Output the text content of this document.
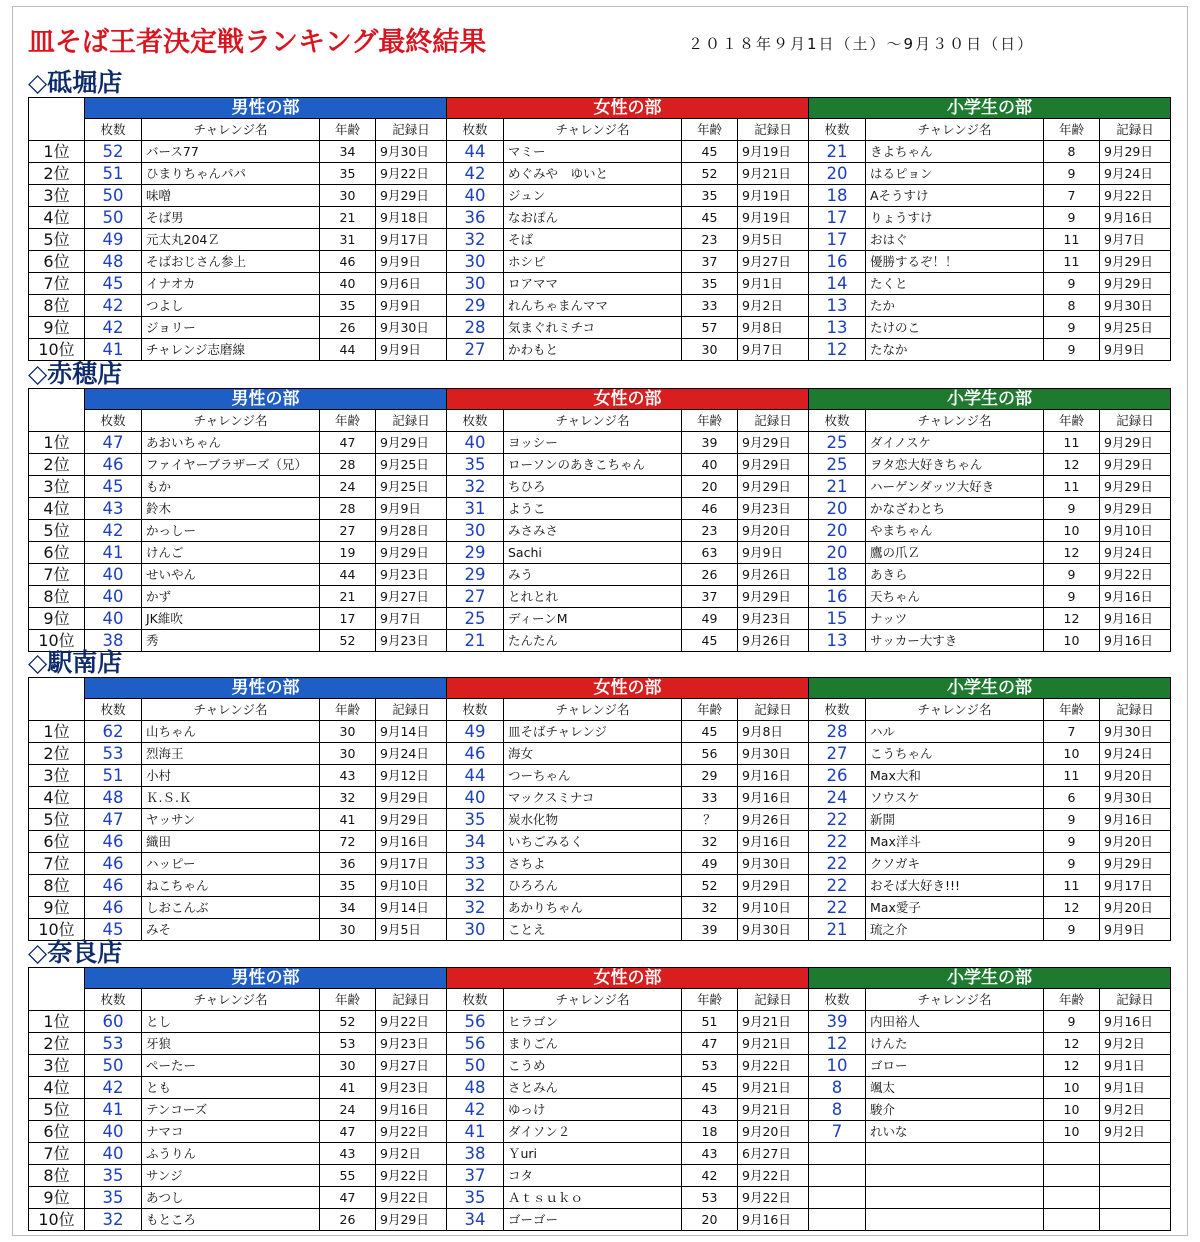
皿そば王者決定戦ランキング最終結果	２０１８年９月1日（土）～9月３０日（日）
◇砥堀店
	男性の部				女性の部				小学生の部			
	枚数	チャレンジ名	年齢	記録日	枚数	チャレンジ名	年齢	記録日	枚数	チャレンジ名	年齢	記録日
1位	52	バース77	34	9月30日	44	マミー	45	9月19日	21	きよちゃん	8	9月29日
2位	51	ひまりちゃんパパ	35	9月22日	42	めぐみや　ゆいと	52	9月21日	20	はるピョン	9	9月24日
3位	50	味噌	30	9月29日	40	ジュン	35	9月19日	18	Aそうすけ	7	9月22日
4位	50	そば男	21	9月18日	36	なおぽん	45	9月19日	17	りょうすけ	9	9月16日
5位	49	元太丸204Ｚ	31	9月17日	32	そば	23	9月5日	17	おはぐ	11	9月7日
6位	48	そばおじさん参上	46	9月9日	30	ホシピ	37	9月27日	16	優勝するぞ！！	11	9月29日
7位	45	イナオカ	40	9月6日	30	ロアママ	35	9月1日	14	たくと	9	9月29日
8位	42	つよし	35	9月9日	29	れんちゃまんママ	33	9月2日	13	たか	8	9月30日
9位	42	ジョリー	26	9月30日	28	気まぐれミチコ	57	9月8日	13	たけのこ	9	9月25日
10位	41	チャレンジ志磨線	44	9月9日	27	かわもと	30	9月7日	12	たなか	9	9月9日
◇赤穂店
	男性の部				女性の部				小学生の部			
	枚数	チャレンジ名	年齢	記録日	枚数	チャレンジ名	年齢	記録日	枚数	チャレンジ名	年齢	記録日
1位	47	あおいちゃん	47	9月29日	40	ヨッシー	39	9月29日	25	ダイノスケ	11	9月29日
2位	46	ファイヤーブラザーズ（兄）	28	9月25日	35	ローソンのあきこちゃん	40	9月29日	25	ヲタ恋大好きちゃん	12	9月29日
3位	45	もか	24	9月25日	32	ちひろ	20	9月29日	21	ハーゲンダッツ大好き	11	9月29日
4位	43	鈴木	28	9月9日	31	ようこ	46	9月23日	20	かなざわとち	9	9月29日
5位	42	かっしー	27	9月28日	30	みさみさ	23	9月20日	20	やまちゃん	10	9月10日
6位	41	けんご	19	9月29日	29	Sachi	63	9月9日	20	鷹の爪Ｚ	12	9月24日
7位	40	せいやん	44	9月23日	29	みう	26	9月26日	18	あきら	9	9月22日
8位	40	かず	21	9月27日	27	とれとれ	37	9月29日	16	天ちゃん	9	9月16日
9位	40	JK維吹	17	9月7日	25	ディーンM	49	9月23日	15	ナッツ	12	9月16日
10位	38	秀	52	9月23日	21	たんたん	45	9月26日	13	サッカー大すき	10	9月16日
◇駅南店
	男性の部				女性の部				小学生の部			
	枚数	チャレンジ名	年齢	記録日	枚数	チャレンジ名	年齢	記録日	枚数	チャレンジ名	年齢	記録日
1位	62	山ちゃん	30	9月14日	49	皿そばチャレンジ	45	9月8日	28	ハル	7	9月30日
2位	53	烈海王	30	9月24日	46	海女	56	9月30日	27	こうちゃん	10	9月24日
3位	51	小村	43	9月12日	44	つーちゃん	29	9月16日	26	Max大和	11	9月20日
4位	48	Ｋ.Ｓ.Ｋ	32	9月29日	40	マックスミナコ	33	9月16日	24	ソウスケ	6	9月30日
5位	47	ヤッサン	41	9月29日	35	炭水化物	？	9月26日	22	新開	9	9月16日
6位	46	織田	72	9月16日	34	いちごみるく	32	9月16日	22	Max洋斗	9	9月20日
7位	46	ハッピー	36	9月17日	33	さちよ	49	9月30日	22	クソガキ	9	9月29日
8位	46	ねこちゃん	35	9月10日	32	ひろろん	52	9月29日	22	おそば大好き!!!	11	9月17日
9位	46	しおこんぶ	34	9月14日	32	あかりちゃん	32	9月10日	22	Max愛子	12	9月20日
10位	45	みそ	30	9月5日	30	ことえ	39	9月30日	21	琉之介	9	9月9日
◇奈良店
	男性の部				女性の部				小学生の部			
	枚数	チャレンジ名	年齢	記録日	枚数	チャレンジ名	年齢	記録日	枚数	チャレンジ名	年齢	記録日
1位	60	とし	52	9月22日	56	ヒラゴン	51	9月21日	39	内田裕人	9	9月16日
2位	53	牙狼	53	9月23日	56	まりごん	47	9月21日	12	けんた	12	9月2日
3位	50	ぺーたー	30	9月27日	50	こうめ	53	9月22日	10	ゴロー	12	9月1日
4位	42	とも	41	9月23日	48	さとみん	45	9月21日	8	颯太	10	9月1日
5位	41	テンコーズ	24	9月16日	42	ゆっけ	43	9月21日	8	駿介	10	9月2日
6位	40	ナマコ	47	9月22日	41	ダイソン２	18	9月20日	7	れいな	10	9月2日
7位	40	ふうりん	43	9月2日	38	Ｙuri	43	6月27日				
8位	35	サンジ	55	9月22日	37	コタ	42	9月22日				
9位	35	あつし	47	9月22日	35	Ａｔｓｕｋｏ	53	9月22日				
10位	32	もところ	26	9月29日	34	ゴーゴー	20	9月16日				
